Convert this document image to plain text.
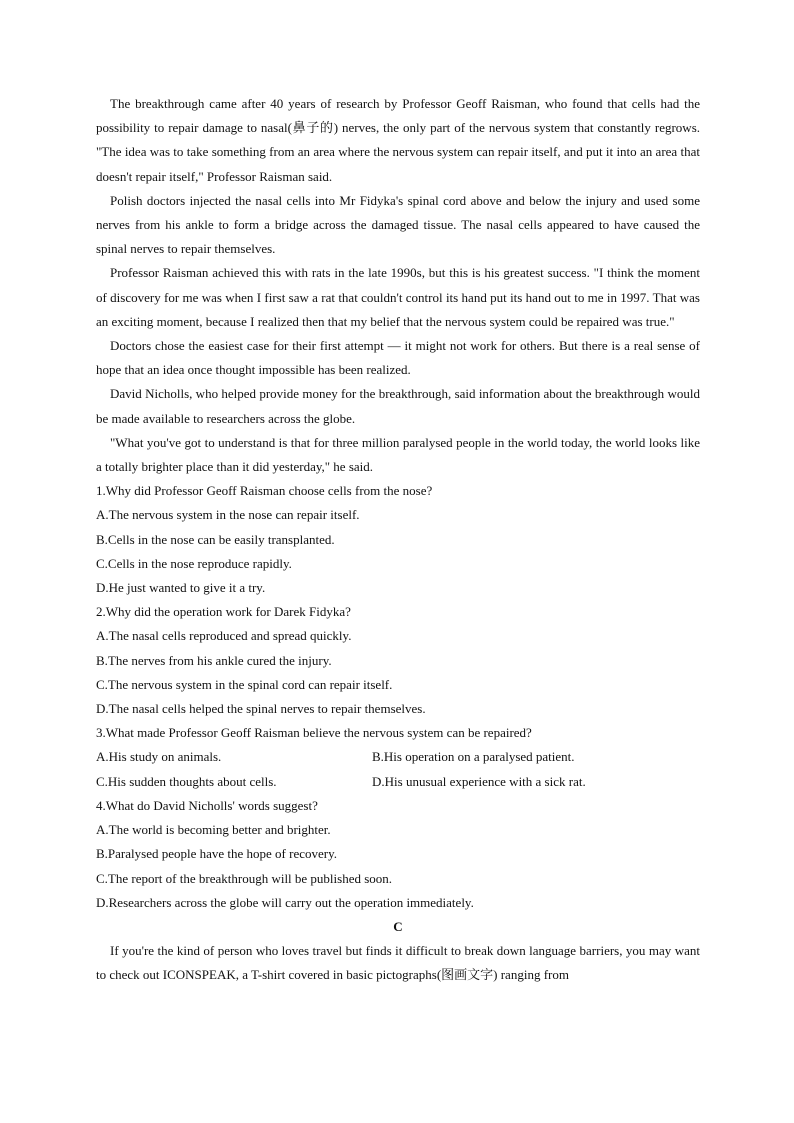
The breakthrough came after 40 years of research by Professor Geoff Raisman, who found that cells had the possibility to repair damage to nasal(鼻子的) nerves, the only part of the nervous system that constantly regrows. "The idea was to take something from an area where the nervous system can repair itself, and put it into an area that doesn't repair itself," Professor Raisman said.

Polish doctors injected the nasal cells into Mr Fidyka's spinal cord above and below the injury and used some nerves from his ankle to form a bridge across the damaged tissue. The nasal cells appeared to have caused the spinal nerves to repair themselves.

Professor Raisman achieved this with rats in the late 1990s, but this is his greatest success. "I think the moment of discovery for me was when I first saw a rat that couldn't control its hand put its hand out to me in 1997. That was an exciting moment, because I realized then that my belief that the nervous system could be repaired was true."

Doctors chose the easiest case for their first attempt — it might not work for others. But there is a real sense of hope that an idea once thought impossible has been realized.

David Nicholls, who helped provide money for the breakthrough, said information about the breakthrough would be made available to researchers across the globe.

"What you've got to understand is that for three million paralysed people in the world today, the world looks like a totally brighter place than it did yesterday," he said.

1.Why did Professor Geoff Raisman choose cells from the nose?

A.The nervous system in the nose can repair itself.

B.Cells in the nose can be easily transplanted.

C.Cells in the nose reproduce rapidly.

D.He just wanted to give it a try.

2.Why did the operation work for Darek Fidyka?

A.The nasal cells reproduced and spread quickly.

B.The nerves from his ankle cured the injury.

C.The nervous system in the spinal cord can repair itself.

D.The nasal cells helped the spinal nerves to repair themselves.

3.What made Professor Geoff Raisman believe the nervous system can be repaired?

A.His study on animals.	B.His operation on a paralysed patient.
C.His sudden thoughts about cells.	D.His unusual experience with a sick rat.

4.What do David Nicholls' words suggest?

A.The world is becoming better and brighter.

B.Paralysed people have the hope of recovery.

C.The report of the breakthrough will be published soon.

D.Researchers across the globe will carry out the operation immediately.

C

If you're the kind of person who loves travel but finds it difficult to break down language barriers, you may want to check out ICONSPEAK, a T-shirt covered in basic pictographs(图画文字) ranging from
